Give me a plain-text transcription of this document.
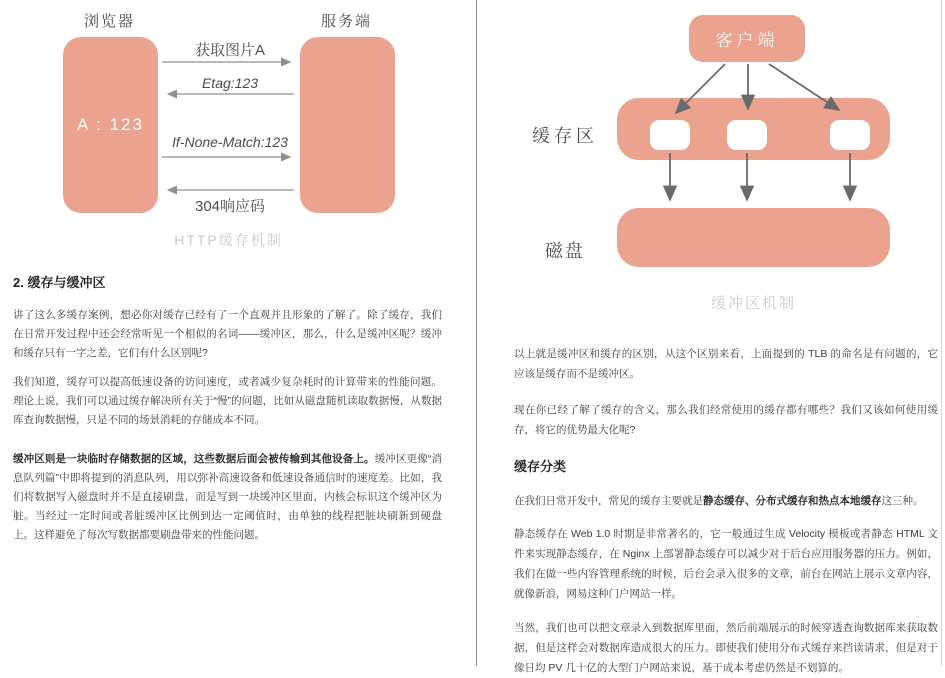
浏览器	服务端
A : 123
获取图片A
Etag:123
If-None-Match:123
304响应码
HTTP缓存机制
2. 缓存与缓冲区

讲了这么多缓存案例，想必你对缓存已经有了一个直观并且形象的了解了。除了缓存，我们在日常开发过程中还会经常听见一个相似的名词——缓冲区，那么，什么是缓冲区呢？缓冲和缓存只有一字之差，它们有什么区别呢?

我们知道，缓存可以提高低速设备的访问速度，或者减少复杂耗时的计算带来的性能问题。理论上说，我们可以通过缓存解决所有关于“慢”的问题，比如从磁盘随机读取数据慢，从数据库查询数据慢，只是不同的场景消耗的存储成本不同。

缓冲区则是一块临时存储数据的区域，这些数据后面会被传输到其他设备上。缓冲区更像“消息队列篇”中即将提到的消息队列，用以弥补高速设备和低速设备通信时的速度差。比如，我们将数据写入磁盘时并不是直接刷盘，而是写到一块缓冲区里面，内核会标识这个缓冲区为脏。当经过一定时间或者脏缓冲区比例到达一定阈值时，由单独的线程把脏块刷新到硬盘上。这样避免了每次写数据都要刷盘带来的性能问题。

客户端
缓存区
磁盘
缓冲区机制

以上就是缓冲区和缓存的区别，从这个区别来看，上面提到的 TLB 的命名是有问题的，它应该是缓存而不是缓冲区。

现在你已经了解了缓存的含义，那么我们经常使用的缓存都有哪些？我们又该如何使用缓存，将它的优势最大化呢?

缓存分类

在我们日常开发中，常见的缓存主要就是静态缓存、分布式缓存和热点本地缓存这三种。

静态缓存在 Web 1.0 时期是非常著名的，它一般通过生成 Velocity 模板或者静态 HTML 文件来实现静态缓存，在 Nginx 上部署静态缓存可以减少对于后台应用服务器的压力。例如，我们在做一些内容管理系统的时候，后台会录入很多的文章，前台在网站上展示文章内容，就像新浪，网易这种门户网站一样。

当然，我们也可以把文章录入到数据库里面，然后前端展示的时候穿透查询数据库来获取数据，但是这样会对数据库造成很大的压力。即使我们使用分布式缓存来挡读请求，但是对于像日均 PV 几十亿的大型门户网站来说，基于成本考虑仍然是不划算的。
